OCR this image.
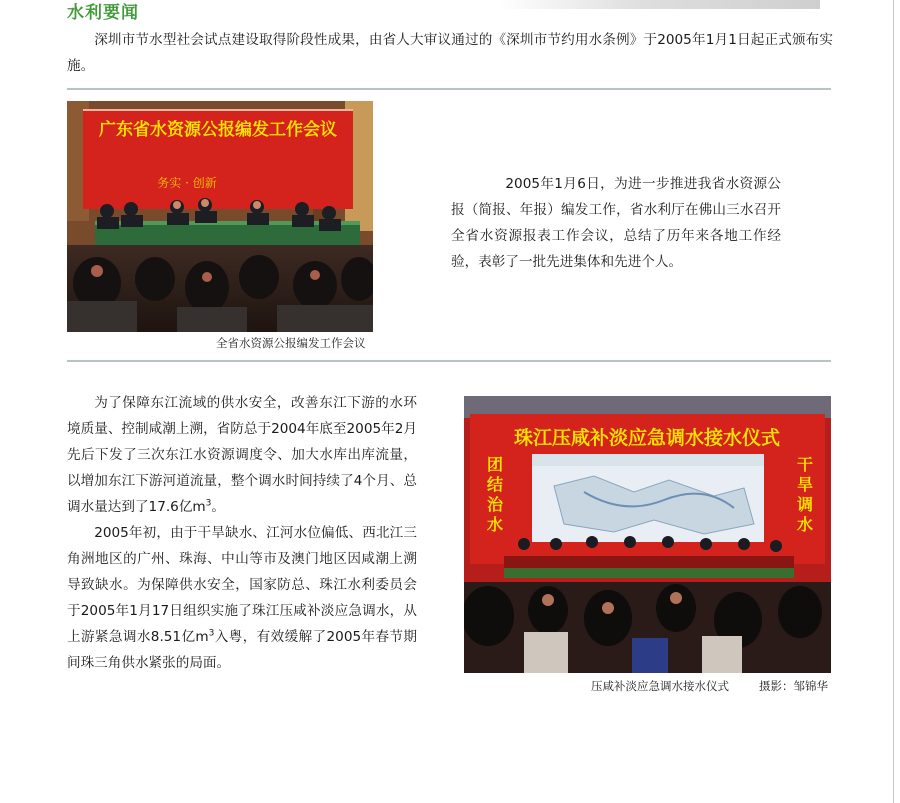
水利要闻

深圳市节水型社会试点建设取得阶段性成果，由省人大审议通过的《深圳市节约用水条例》于2005年1月1日起正式颁布实施。

广东省水资源公报编发工作会议
务实 · 创新

全省水资源公报编发工作会议

2005年1月6日，为进一步推进我省水资源公报（简报、年报）编发工作，省水利厅在佛山三水召开全省水资源报表工作会议，总结了历年来各地工作经验，表彰了一批先进集体和先进个人。

为了保障东江流域的供水安全，改善东江下游的水环境质量、控制咸潮上溯，省防总于2004年底至2005年2月先后下发了三次东江水资源调度令、加大水库出库流量，以增加东江下游河道流量，整个调水时间持续了4个月、总调水量达到了17.6亿$m^3$。

2005年初，由于干旱缺水、江河水位偏低、西北江三角洲地区的广州、珠海、中山等市及澳门地区因咸潮上溯导致缺水。为保障供水安全，国家防总、珠江水利委员会于2005年1月17日组织实施了珠江压咸补淡应急调水，从上游紧急调水8.51亿$m^3$入粤，有效缓解了2005年春节期间珠三角供水紧张的局面。

珠江压咸补淡应急调水接水仪式
团结治水	干旱调水

压咸补淡应急调水接水仪式	摄影：邹锦华
